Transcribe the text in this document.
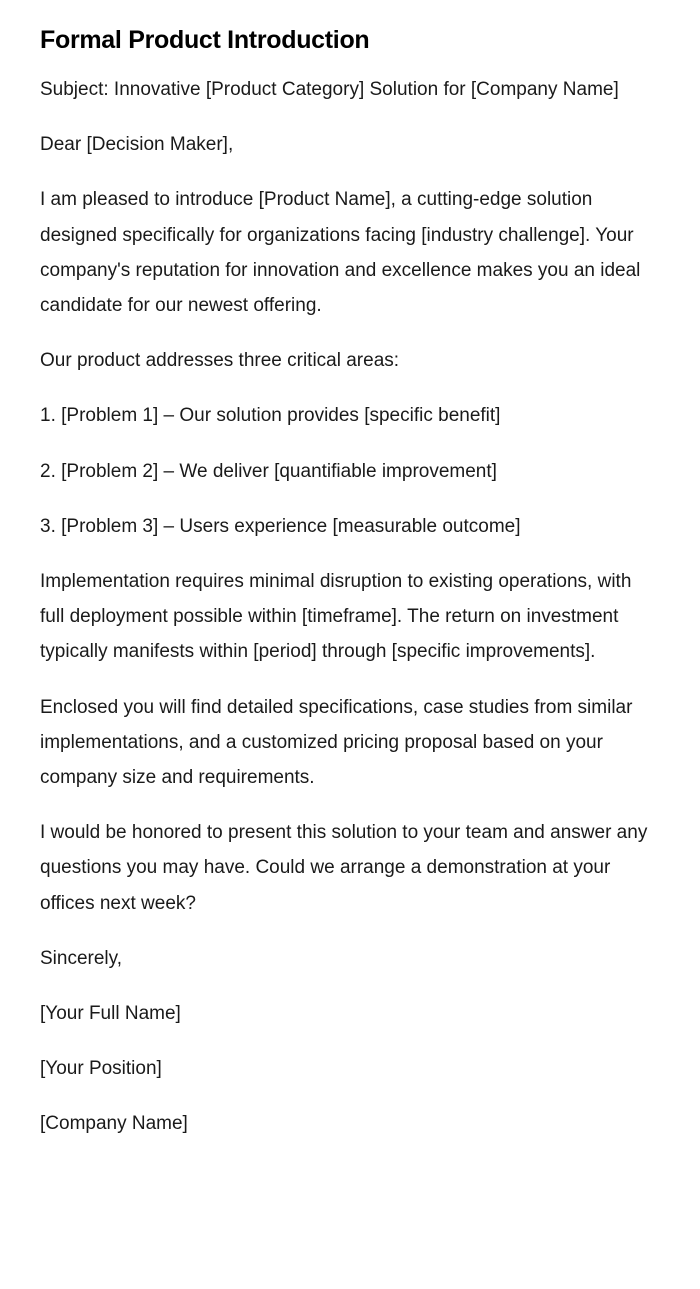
Formal Product Introduction

Subject: Innovative [Product Category] Solution for [Company Name]

Dear [Decision Maker],

I am pleased to introduce [Product Name], a cutting-edge solution designed specifically for organizations facing [industry challenge]. Your company's reputation for innovation and excellence makes you an ideal candidate for our newest offering.

Our product addresses three critical areas:

1. [Problem 1] – Our solution provides [specific benefit]

2. [Problem 2] – We deliver [quantifiable improvement]

3. [Problem 3] – Users experience [measurable outcome]

Implementation requires minimal disruption to existing operations, with full deployment possible within [timeframe]. The return on investment typically manifests within [period] through [specific improvements].

Enclosed you will find detailed specifications, case studies from similar implementations, and a customized pricing proposal based on your company size and requirements.

I would be honored to present this solution to your team and answer any questions you may have. Could we arrange a demonstration at your offices next week?

Sincerely,

[Your Full Name]

[Your Position]

[Company Name]
